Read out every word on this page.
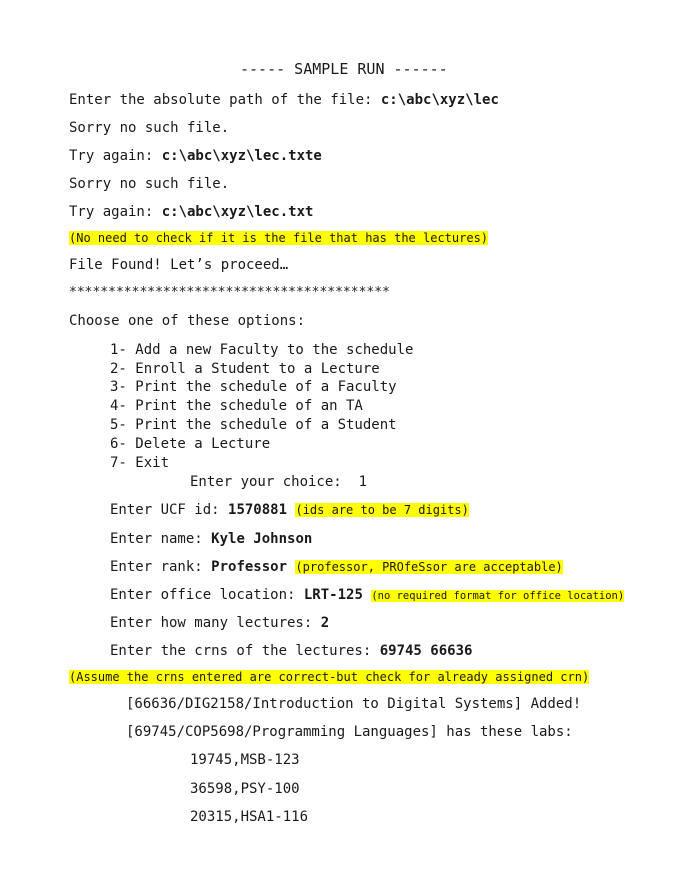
----- SAMPLE RUN ------
Enter the absolute path of the file: c:\abc\xyz\lec
Sorry no such file.
Try again: c:\abc\xyz\lec.txte
Sorry no such file.
Try again: c:\abc\xyz\lec.txt
(No need to check if it is the file that has the lectures)
File Found! Let’s proceed…
*****************************************
Choose one of these options:
1- Add a new Faculty to the schedule
2- Enroll a Student to a Lecture
3- Print the schedule of a Faculty
4- Print the schedule of an TA
5- Print the schedule of a Student
6- Delete a Lecture
7- Exit
Enter your choice:  1
Enter UCF id: 1570881 (ids are to be 7 digits)
Enter name: Kyle Johnson
Enter rank: Professor (professor, PROfeSsor are acceptable)
Enter office location: LRT-125 (no required format for office location)
Enter how many lectures: 2
Enter the crns of the lectures: 69745 66636
(Assume the crns entered are correct-but check for already assigned crn)
[66636/DIG2158/Introduction to Digital Systems] Added!
[69745/COP5698/Programming Languages] has these labs:
19745,MSB-123
36598,PSY-100
20315,HSA1-116
